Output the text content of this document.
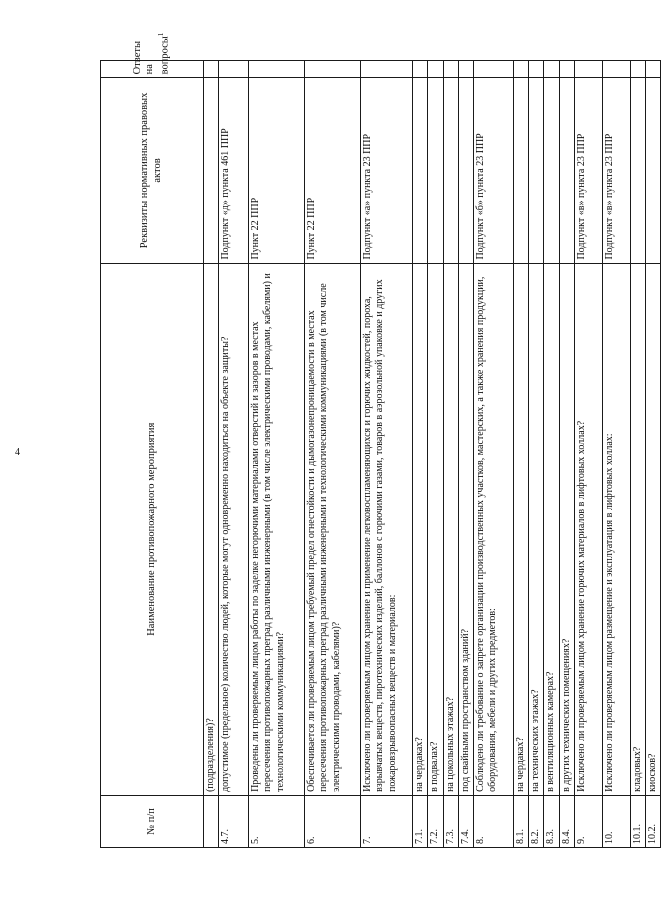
4
№ п/п	Наименование противопожарного мероприятия	Реквизиты нормативных правовых актов	Ответы на вопросы$^1$
	(подразделения)?		
4.7.	допустимое (предельное) количество людей, которые могут одновременно находиться на объекте защиты?	Подпункт «д» пункта 461 ППР	
5.	Проведены ли проверяемым лицом работы по заделке негорючими материалами отверстий и зазоров в местах пересечения противопожарных преград различными инженерными (в том числе электрическими проводами, кабелями) и технологическими коммуникациями?	Пункт 22 ППР	
6.	Обеспечивается ли проверяемым лицом требуемый предел огнестойкости и дымогазонепроницаемости в местах пересечения противопожарных преград различными инженерными и технологическими коммуникациями (в том числе электрическими проводами, кабелями)?	Пункт 22 ППР	
7.	Исключено ли проверяемым лицом хранение и применение легковоспламеняющихся и горючих жидкостей, пороха, взрывчатых веществ, пиротехнических изделий, баллонов с горючими газами, товаров в аэрозольной упаковке и других пожаровзрывоопасных веществ и материалов:	Подпункт «а» пункта 23 ППР	
7.1.	на чердаках?		
7.2.	в подвалах?		
7.3.	на цокольных этажах?		
7.4.	под свайными пространством зданий?		
8.	Соблюдено ли требование о запрете организации производственных участков, мастерских, а также хранения продукции, оборудования, мебели и других предметов:	Подпункт «б» пункта 23 ППР	
8.1.	на чердаках?		
8.2.	на технических этажах?		
8.3.	в вентиляционных камерах?		
8.4.	в других технических помещениях?		
9.	Исключено ли проверяемым лицом хранение горючих материалов в лифтовых холлах?	Подпункт «в» пункта 23 ППР	
10.	Исключено ли проверяемым лицом размещение и эксплуатация в лифтовых холлах:	Подпункт «в» пункта 23 ППР	
10.1.	кладовых?		
10.2.	киосков?		
